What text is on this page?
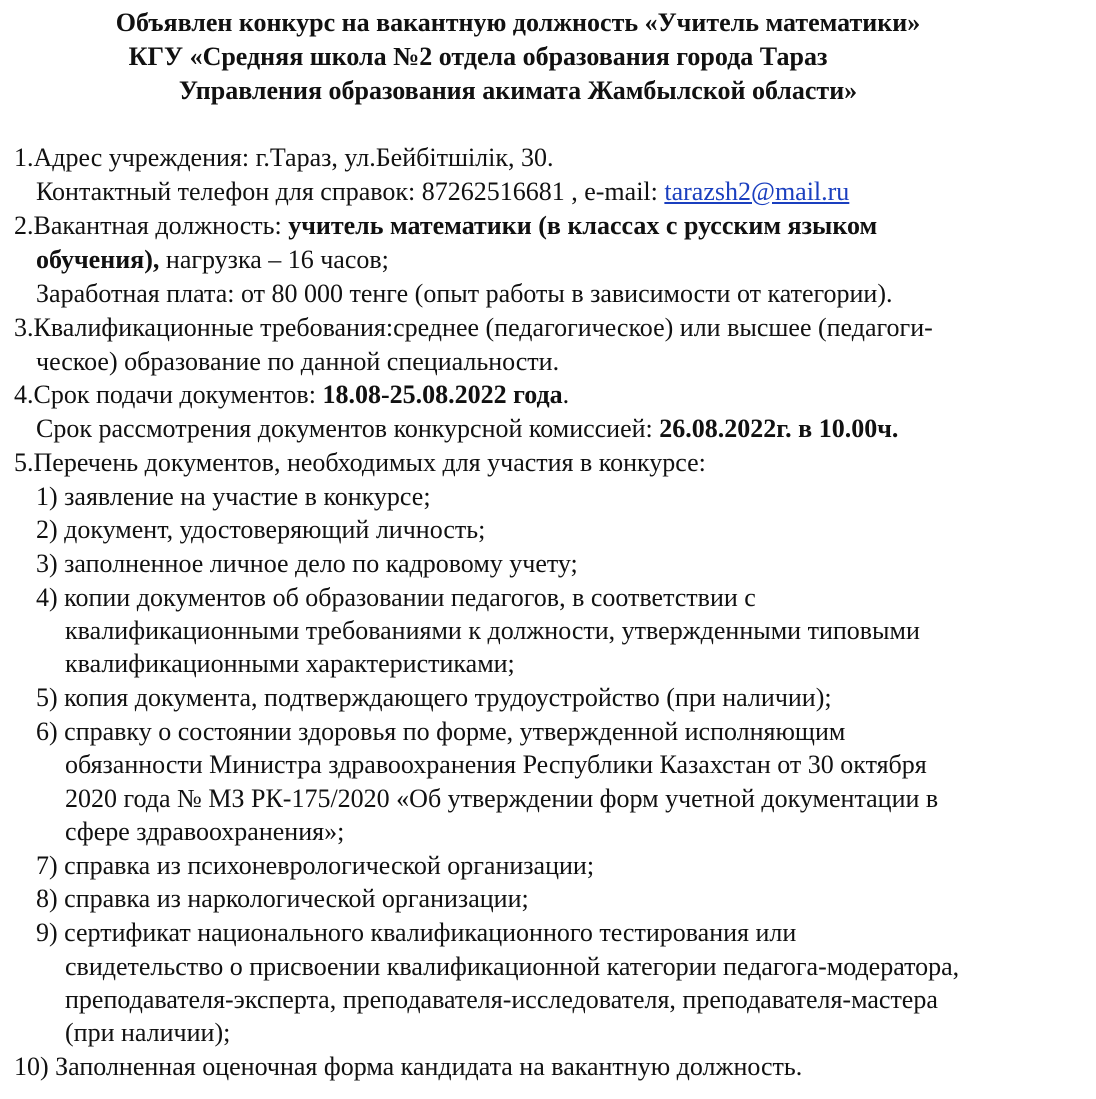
Объявлен конкурс на вакантную должность «Учитель математики»
КГУ «Средняя школа №2 отдела образования города Тараз
Управления образования акимата Жамбылской области»
1.Адрес учреждения: г.Тараз, ул.Бейбітшілік, 30.
Контактный телефон для справок: 87262516681 , e-mail: tarazsh2@mail.ru
2.Вакантная должность: учитель математики (в классах с русским языком
обучения), нагрузка – 16 часов;
Заработная плата: от 80 000 тенге (опыт работы в зависимости от категории).
3.Квалификационные требования:среднее (педагогическое) или высшее (педагоги-
ческое) образование по данной специальности.
4.Срок подачи документов: 18.08-25.08.2022 года.
Срок рассмотрения документов конкурсной комиссией: 26.08.2022г. в 10.00ч.
5.Перечень документов, необходимых для участия в конкурсе:
1) заявление на участие в конкурсе;
2) документ, удостоверяющий личность;
3) заполненное личное дело по кадровому учету;
4) копии документов об образовании педагогов, в соответствии с
квалификационными требованиями к должности, утвержденными типовыми
квалификационными характеристиками;
5) копия документа, подтверждающего трудоустройство (при наличии);
6) справку о состоянии здоровья по форме, утвержденной исполняющим
обязанности Министра здравоохранения Республики Казахстан от 30 октября
2020 года № МЗ РК-175/2020 «Об утверждении форм учетной документации в
сфере здравоохранения»;
7) справка из психоневрологической организации;
8) справка из наркологической организации;
9) сертификат национального квалификационного тестирования или
свидетельство о присвоении квалификационной категории педагога-модератора,
преподавателя-эксперта, преподавателя-исследователя, преподавателя-мастера
(при наличии);
10) Заполненная оценочная форма кандидата на вакантную должность.
